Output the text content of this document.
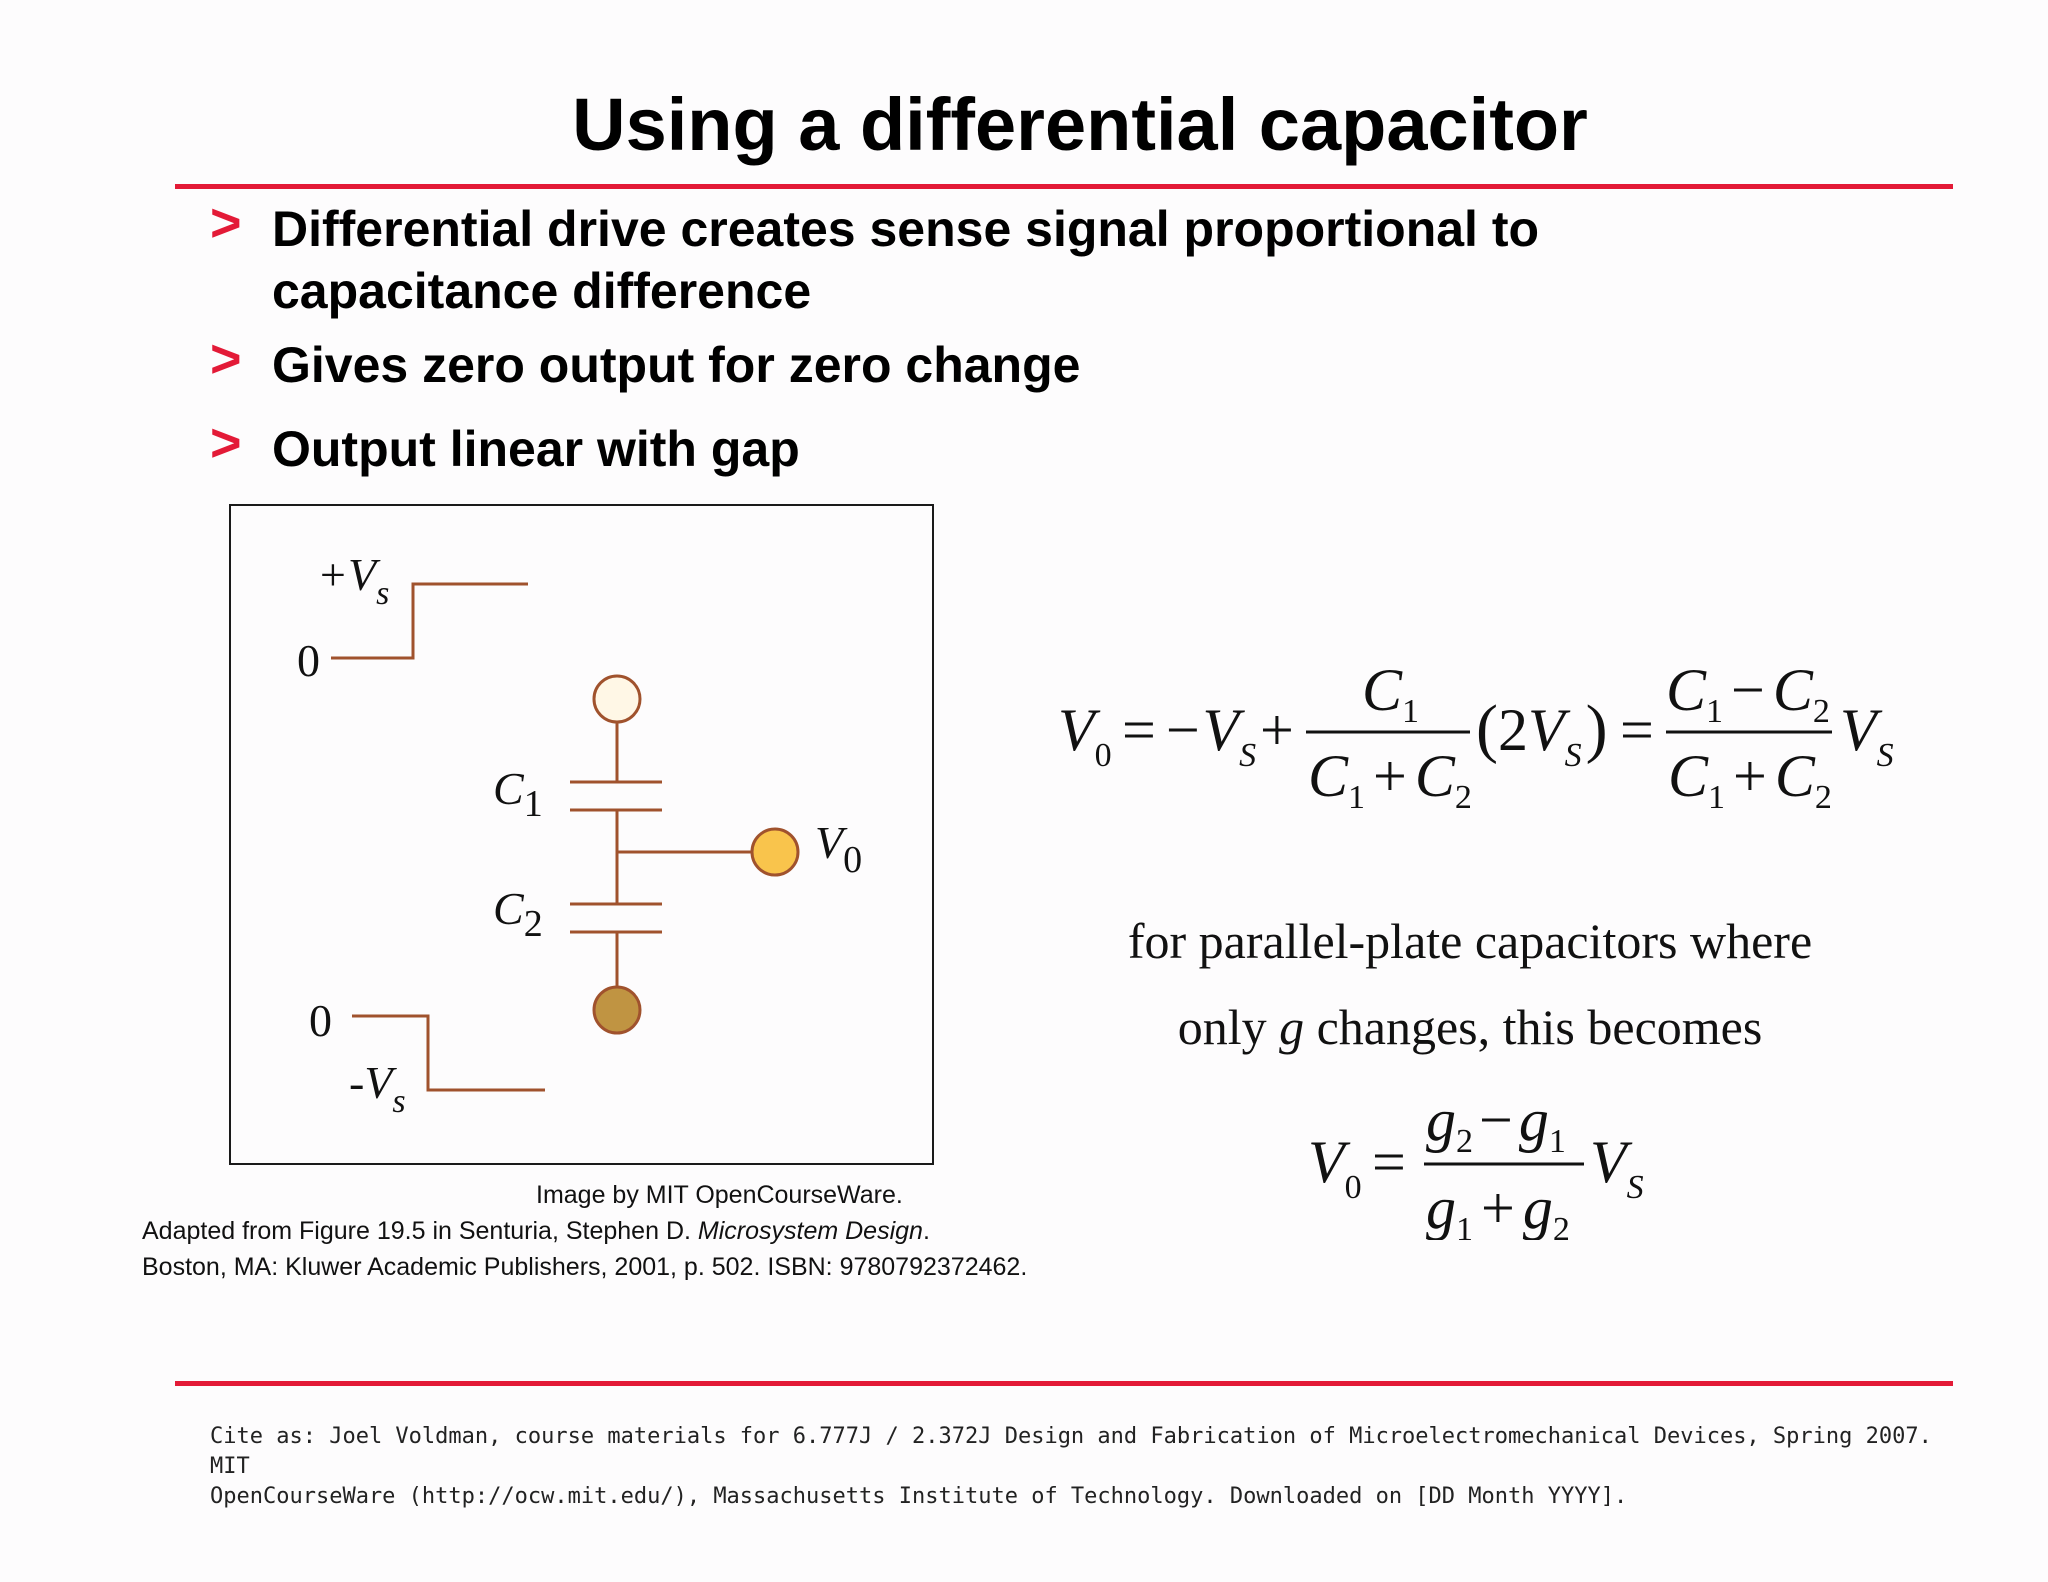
Using a differential capacitor
> Differential drive creates sense signal proportional to
capacitance difference
> Gives zero output for zero change
> Output linear with gap
$+V_s$
0
$C_1$
$C_2$
$V_0$
0
$-V_s$
Image by MIT OpenCourseWare.
Adapted from Figure 19.5 in Senturia, Stephen D. Microsystem Design.
Boston, MA: Kluwer Academic Publishers, 2001, p. 502. ISBN: 9780792372462.
$V_0 = -V_S$ +
$C_1$
$C_1 + C_2$
$(2V_S)$ =
$C_1 - C_2$
$C_1 + C_2$
$V_S$
for parallel-plate capacitors where
only g changes, this becomes
$V_0$ =
$g_2 - g_1$
$g_1 + g_2$
$V_S$
Cite as: Joel Voldman, course materials for 6.777J / 2.372J Design and Fabrication of Microelectromechanical Devices, Spring 2007. MIT
OpenCourseWare (http://ocw.mit.edu/), Massachusetts Institute of Technology. Downloaded on [DD Month YYYY].
